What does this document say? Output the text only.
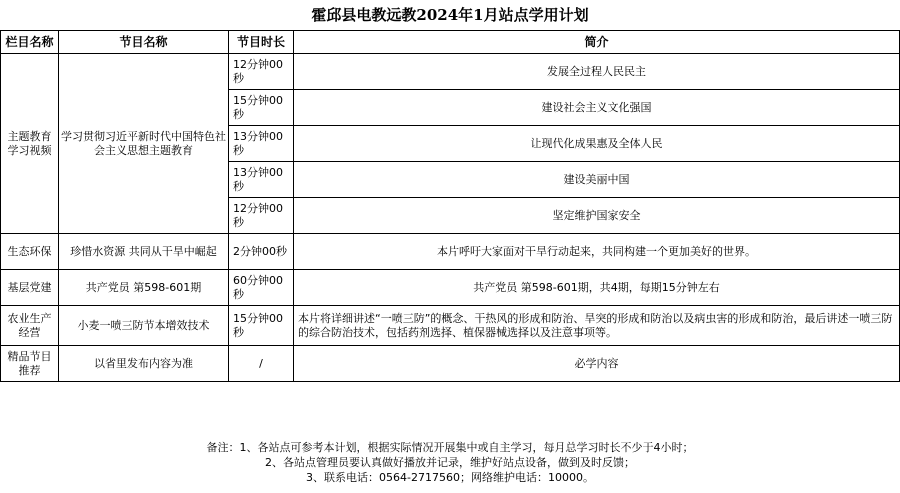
霍邱县电教远教2024年1月站点学用计划
栏目名称	节目名称	节目时长	简介
主题教育学习视频	学习贯彻习近平新时代中国特色社会主义思想主题教育	12分钟00秒	发展全过程人民民主
		15分钟00秒	建设社会主义文化强国
		13分钟00秒	让现代化成果惠及全体人民
		13分钟00秒	建设美丽中国
		12分钟00秒	坚定维护国家安全
生态环保	珍惜水资源 共同从干旱中崛起	2分钟00秒	本片呼吁大家面对干旱行动起来，共同构建一个更加美好的世界。
基层党建	共产党员 第598-601期	60分钟00秒	共产党员 第598-601期，共4期，每期15分钟左右
农业生产经营	小麦一喷三防节本增效技术	15分钟00秒	本片将详细讲述“一喷三防”的概念、干热风的形成和防治、旱突的形成和防治以及病虫害的形成和防治，最后讲述一喷三防的综合防治技术，包括药剂选择、植保器械选择以及注意事项等。
精品节目推荐	以省里发布内容为准	/	必学内容
备注：1、各站点可参考本计划，根据实际情况开展集中或自主学习，每月总学习时长不少于4小时；
2、各站点管理员要认真做好播放并记录，维护好站点设备，做到及时反馈；
3、联系电话：0564-2717560；网络维护电话：10000。
